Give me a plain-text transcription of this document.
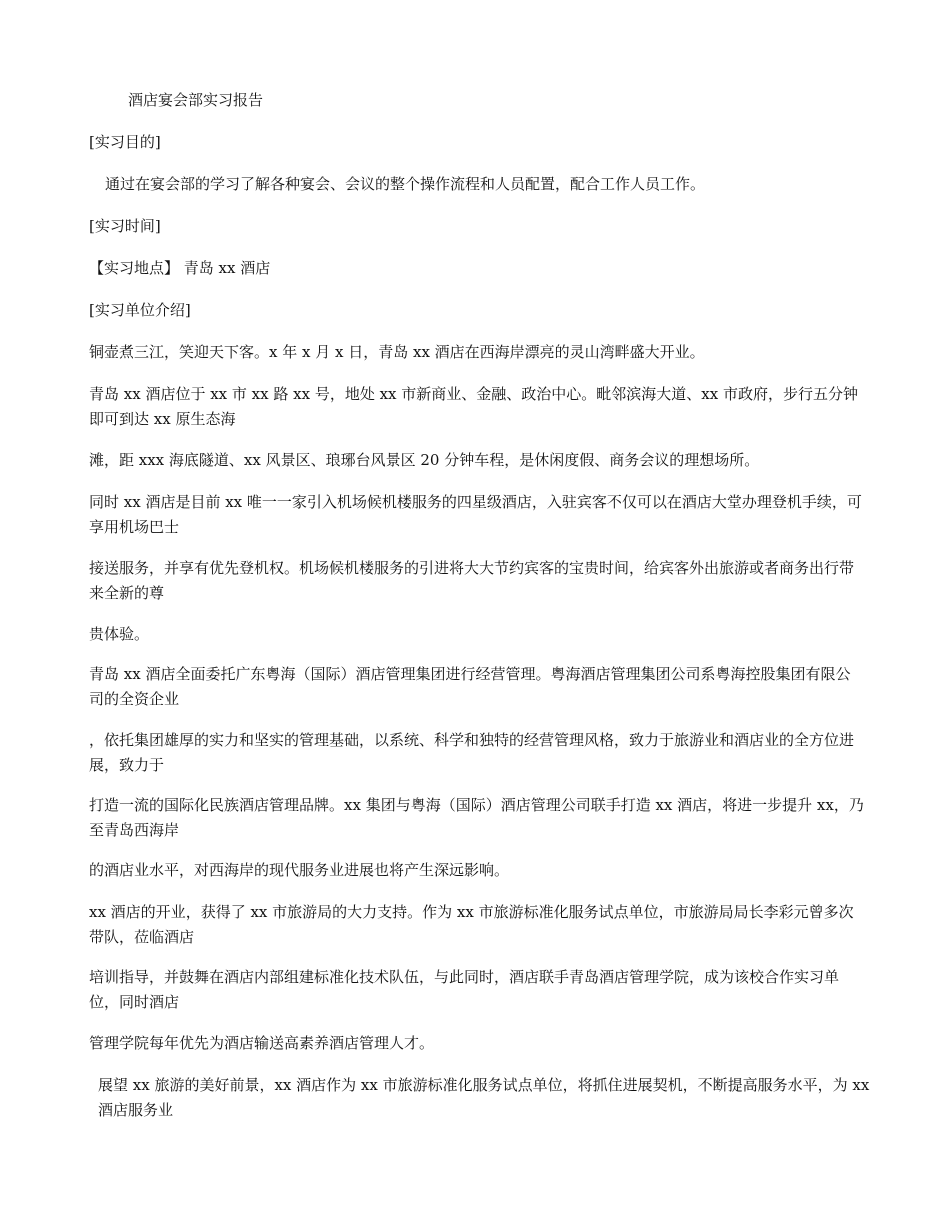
酒店宴会部实习报告
[实习目的]
通过在宴会部的学习了解各种宴会、会议的整个操作流程和人员配置，配合工作人员工作。
[实习时间]
【实习地点】 青岛 xx 酒店
[实习单位介绍]
铜壶煮三江，笑迎天下客。x 年 x 月 x 日，青岛 xx 酒店在西海岸漂亮的灵山湾畔盛大开业。
青岛 xx 酒店位于 xx 市 xx 路 xx 号，地处 xx 市新商业、金融、政治中心。毗邻滨海大道、xx 市政府，步行五分钟即可到达 xx 原生态海
滩，距 xxx 海底隧道、xx 风景区、琅琊台风景区 20 分钟车程，是休闲度假、商务会议的理想场所。
同时 xx 酒店是目前 xx 唯一一家引入机场候机楼服务的四星级酒店，入驻宾客不仅可以在酒店大堂办理登机手续，可享用机场巴士
接送服务，并享有优先登机权。机场候机楼服务的引进将大大节约宾客的宝贵时间，给宾客外出旅游或者商务出行带来全新的尊
贵体验。
青岛 xx 酒店全面委托广东粤海（国际）酒店管理集团进行经营管理。粤海酒店管理集团公司系粤海控股集团有限公司的全资企业
，依托集团雄厚的实力和坚实的管理基础，以系统、科学和独特的经营管理风格，致力于旅游业和酒店业的全方位进展，致力于
打造一流的国际化民族酒店管理品牌。xx 集团与粤海（国际）酒店管理公司联手打造 xx 酒店，将进一步提升 xx，乃至青岛西海岸
的酒店业水平，对西海岸的现代服务业进展也将产生深远影响。
xx 酒店的开业，获得了 xx 市旅游局的大力支持。作为 xx 市旅游标准化服务试点单位，市旅游局局长李彩元曾多次带队，莅临酒店
培训指导，并鼓舞在酒店内部组建标准化技术队伍，与此同时，酒店联手青岛酒店管理学院，成为该校合作实习单位，同时酒店
管理学院每年优先为酒店输送高素养酒店管理人才。
展望 xx 旅游的美好前景，xx 酒店作为 xx 市旅游标准化服务试点单位，将抓住进展契机，不断提高服务水平，为 xx 酒店服务业
